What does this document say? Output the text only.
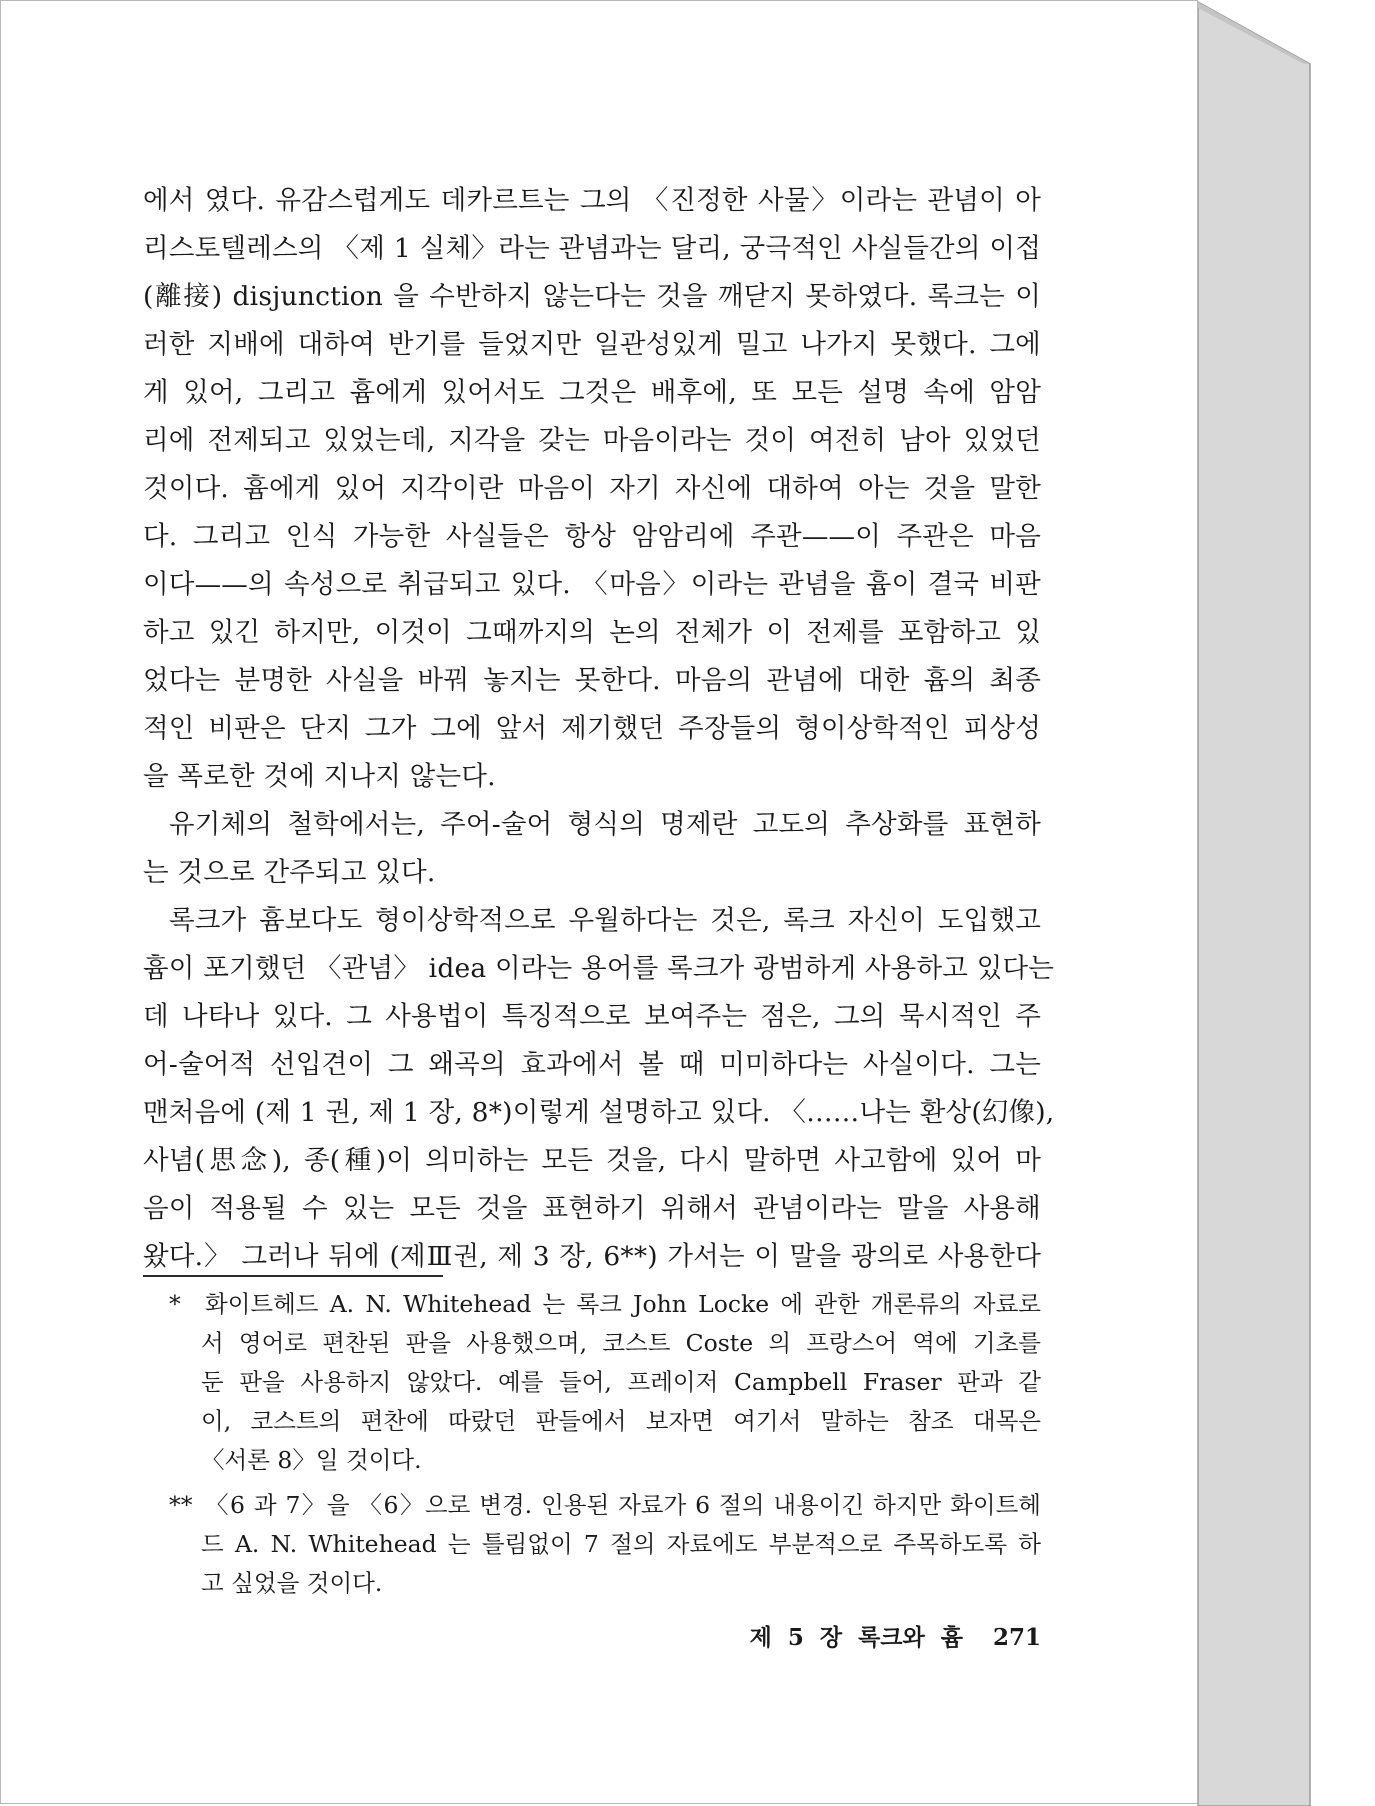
에서 였다. 유감스럽게도 데카르트는 그의 〈진정한 사물〉이라는 관념이 아
리스토텔레스의 〈제 1 실체〉라는 관념과는 달리, 궁극적인 사실들간의 이접
(離接) disjunction 을 수반하지 않는다는 것을 깨닫지 못하였다. 록크는 이
러한 지배에 대하여 반기를 들었지만 일관성있게 밀고 나가지 못했다. 그에
게 있어, 그리고 흄에게 있어서도 그것은 배후에, 또 모든 설명 속에 암암
리에 전제되고 있었는데, 지각을 갖는 마음이라는 것이 여전히 남아 있었던
것이다. 흄에게 있어 지각이란 마음이 자기 자신에 대하여 아는 것을 말한
다. 그리고 인식 가능한 사실들은 항상 암암리에 주관——이 주관은 마음
이다——의 속성으로 취급되고 있다. 〈마음〉이라는 관념을 흄이 결국 비판
하고 있긴 하지만, 이것이 그때까지의 논의 전체가 이 전제를 포함하고 있
었다는 분명한 사실을 바꿔 놓지는 못한다. 마음의 관념에 대한 흄의 최종
적인 비판은 단지 그가 그에 앞서 제기했던 주장들의 형이상학적인 피상성
을 폭로한 것에 지나지 않는다.
유기체의 철학에서는, 주어-술어 형식의 명제란 고도의 추상화를 표현하
는 것으로 간주되고 있다.
록크가 흄보다도 형이상학적으로 우월하다는 것은, 록크 자신이 도입했고
흄이 포기했던 〈관념〉 idea 이라는 용어를 록크가 광범하게 사용하고 있다는
데 나타나 있다. 그 사용법이 특징적으로 보여주는 점은, 그의 묵시적인 주
어-술어적 선입견이 그 왜곡의 효과에서 볼 때 미미하다는 사실이다. 그는
맨처음에 (제 1 권, 제 1 장, 8*)이렇게 설명하고 있다. 〈……나는 환상(幻像),
사념(思念), 종(種)이 의미하는 모든 것을, 다시 말하면 사고함에 있어 마
음이 적용될 수 있는 모든 것을 표현하기 위해서 관념이라는 말을 사용해
왔다.〉 그러나 뒤에 (제Ⅲ권, 제 3 장, 6**) 가서는 이 말을 광의로 사용한다
*	화이트헤드 A. N. Whitehead 는 록크 John Locke 에 관한 개론류의 자료로
서 영어로 편찬된 판을 사용했으며, 코스트 Coste 의 프랑스어 역에 기초를
둔 판을 사용하지 않았다. 예를 들어, 프레이저 Campbell Fraser 판과 같
이, 코스트의 편찬에 따랐던 판들에서 보자면 여기서 말하는 참조 대목은
〈서론 8〉일 것이다.
** 〈6 과 7〉을 〈6〉으로 변경. 인용된 자료가 6 절의 내용이긴 하지만 화이트헤
드 A. N. Whitehead 는 틀림없이 7 절의 자료에도 부분적으로 주목하도록 하
고 싶었을 것이다.
제 5 장 록크와 흄 271
